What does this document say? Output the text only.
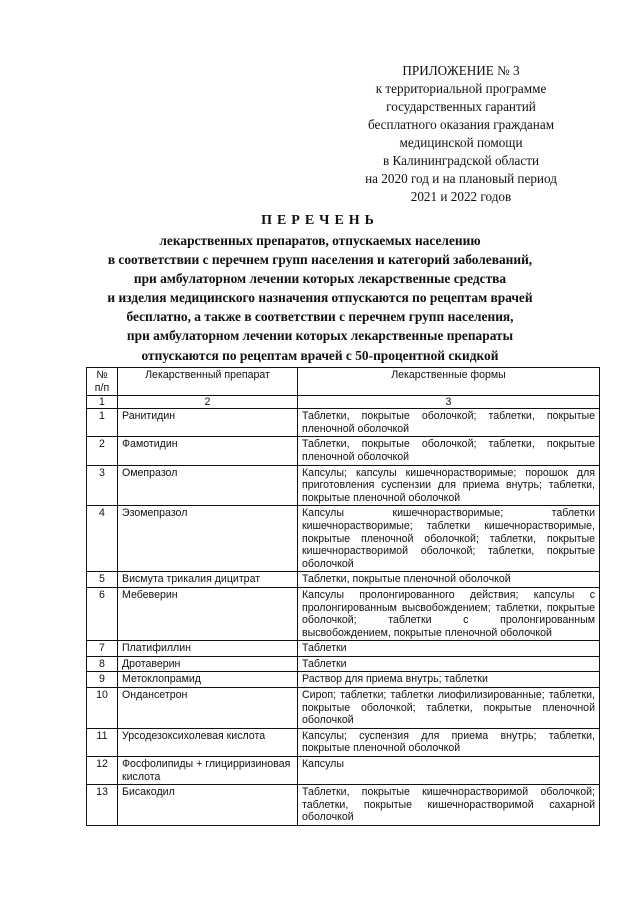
ПРИЛОЖЕНИЕ № 3
к территориальной программе
государственных гарантий
бесплатного оказания гражданам
медицинской помощи
в Калининградской области
на 2020 год и на плановый период
2021 и 2022 годов
ПЕРЕЧЕНЬ
лекарственных препаратов, отпускаемых населению
в соответствии с перечнем групп населения и категорий заболеваний,
при амбулаторном лечении которых лекарственные средства
и изделия медицинского назначения отпускаются по рецептам врачей
бесплатно, а также в соответствии с перечнем групп населения,
при амбулаторном лечении которых лекарственные препараты
отпускаются по рецептам врачей с 50-процентной скидкой
№ п/п	Лекарственный препарат	Лекарственные формы
1	2	3
1	Ранитидин	Таблетки, покрытые оболочкой; таблетки, покрытые пленочной оболочкой
2	Фамотидин	Таблетки, покрытые оболочкой; таблетки, покрытые пленочной оболочкой
3	Омепразол	Капсулы; капсулы кишечнорастворимые; порошок для приготовления суспензии для приема внутрь; таблетки, покрытые пленочной оболочкой
4	Эзомепразол	Капсулы кишечнорастворимые; таблетки кишечнорастворимые; таблетки кишечнорастворимые, покрытые пленочной оболочкой; таблетки, покрытые кишечнорастворимой оболочкой; таблетки, покрытые оболочкой
5	Висмута трикалия дицитрат	Таблетки, покрытые пленочной оболочкой
6	Мебеверин	Капсулы пролонгированного действия; капсулы с пролонгированным высвобождением; таблетки, покрытые оболочкой; таблетки с пролонгированным высвобождением, покрытые пленочной оболочкой
7	Платифиллин	Таблетки
8	Дротаверин	Таблетки
9	Метоклопрамид	Раствор для приема внутрь; таблетки
10	Ондансетрон	Сироп; таблетки; таблетки лиофилизированные; таблетки, покрытые оболочкой; таблетки, покрытые пленочной оболочкой
11	Урсодезоксихолевая кислота	Капсулы; суспензия для приема внутрь; таблетки, покрытые пленочной оболочкой
12	Фосфолипиды + глицирризиновая кислота	Капсулы
13	Бисакодил	Таблетки, покрытые кишечнорастворимой оболочкой; таблетки, покрытые кишечнорастворимой сахарной оболочкой
